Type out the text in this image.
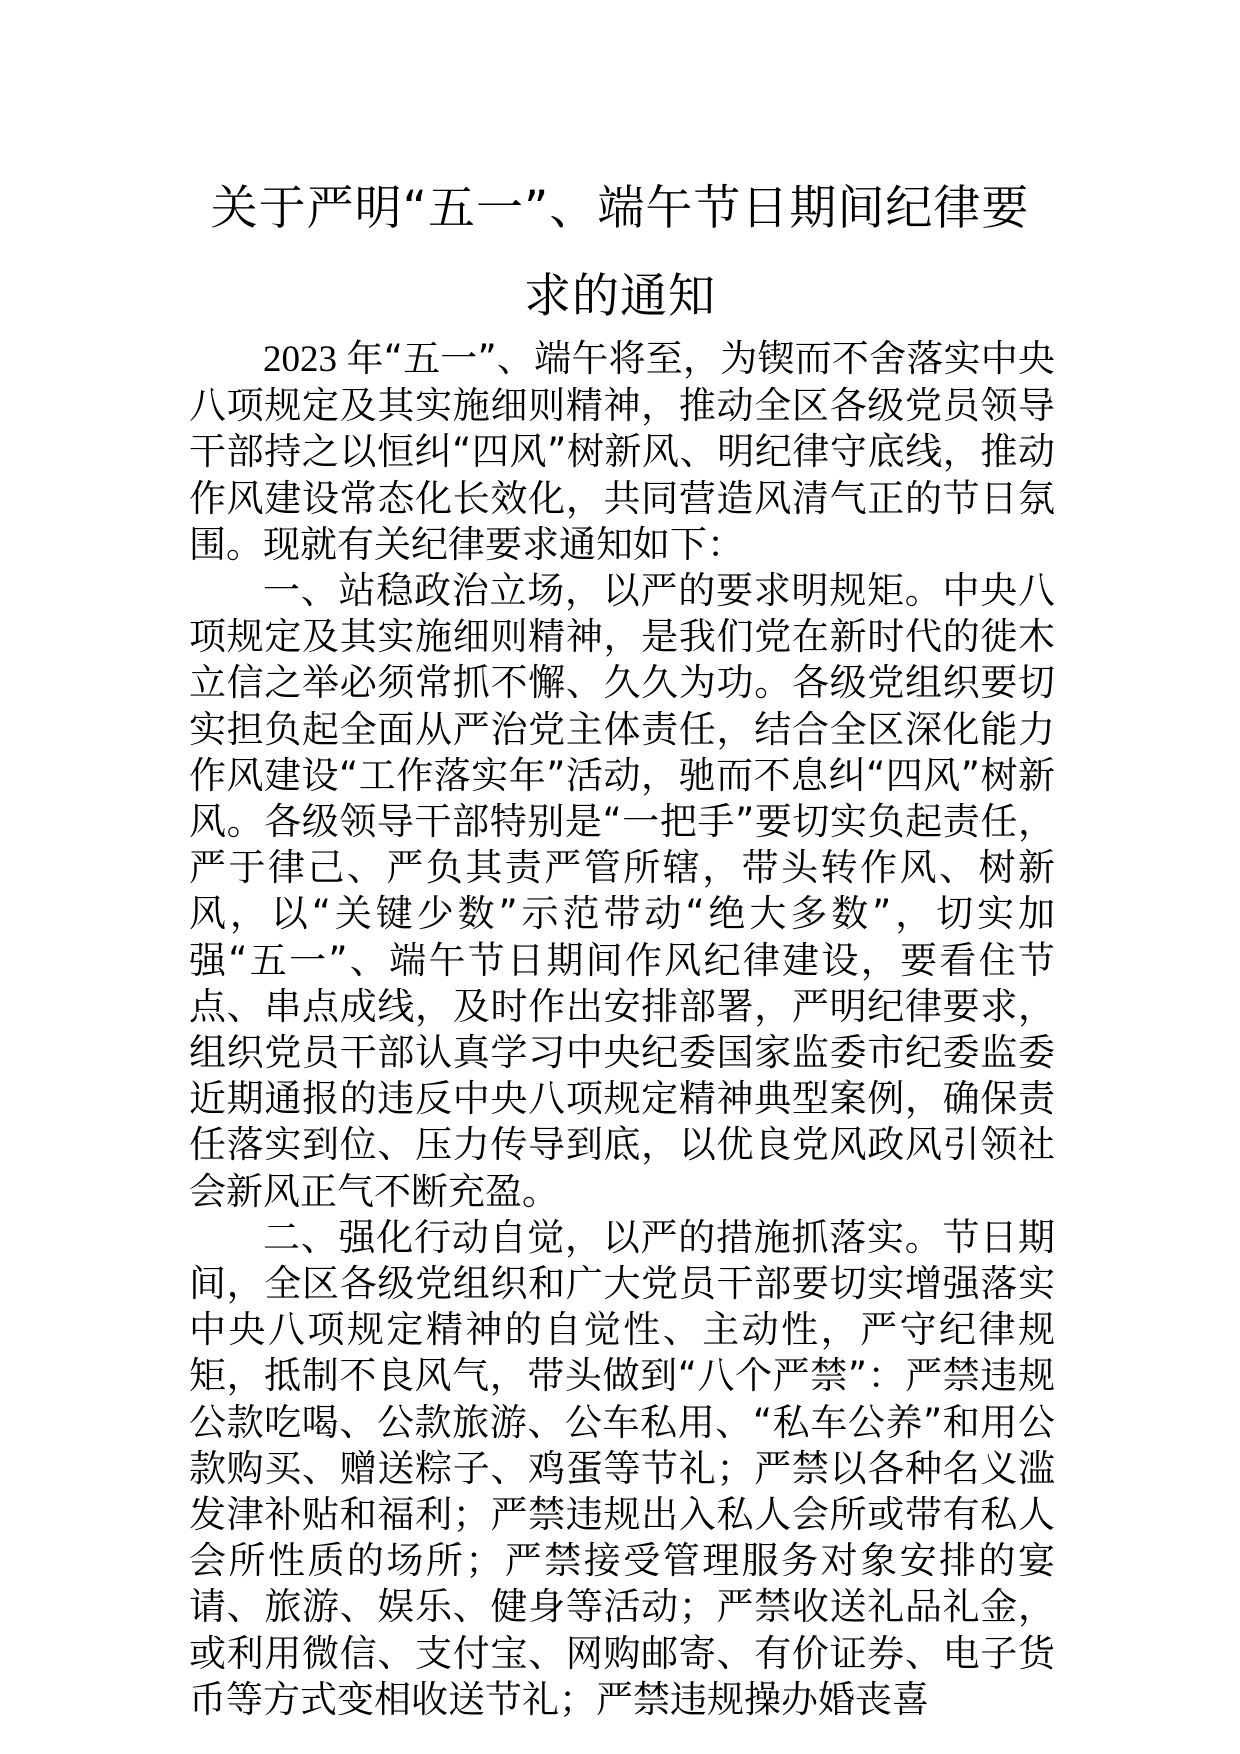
关于严明“五一”、端午节日期间纪律要
求的通知

2023 年“五一”、端午将至，为锲而不舍落实中央八项规定及其实施细则精神，推动全区各级党员领导干部持之以恒纠“四风”树新风、明纪律守底线，推动作风建设常态化长效化，共同营造风清气正的节日氛围。现就有关纪律要求通知如下：

一、站稳政治立场，以严的要求明规矩。中央八项规定及其实施细则精神，是我们党在新时代的徙木立信之举必须常抓不懈、久久为功。各级党组织要切实担负起全面从严治党主体责任，结合全区深化能力作风建设“工作落实年”活动，驰而不息纠“四风”树新风。各级领导干部特别是“一把手”要切实负起责任，严于律己、严负其责严管所辖，带头转作风、树新风，以“关键少数”示范带动“绝大多数”，切实加强“五一”、端午节日期间作风纪律建设，要看住节点、串点成线，及时作出安排部署，严明纪律要求，组织党员干部认真学习中央纪委国家监委市纪委监委近期通报的违反中央八项规定精神典型案例，确保责任落实到位、压力传导到底，以优良党风政风引领社会新风正气不断充盈。

二、强化行动自觉，以严的措施抓落实。节日期间，全区各级党组织和广大党员干部要切实增强落实中央八项规定精神的自觉性、主动性，严守纪律规矩，抵制不良风气，带头做到“八个严禁”：严禁违规公款吃喝、公款旅游、公车私用、“私车公养”和用公款购买、赠送粽子、鸡蛋等节礼；严禁以各种名义滥发津补贴和福利；严禁违规出入私人会所或带有私人会所性质的场所；严禁接受管理服务对象安排的宴请、旅游、娱乐、健身等活动；严禁收送礼品礼金，或利用微信、支付宝、网购邮寄、有价证券、电子货币等方式变相收送节礼；严禁违规操办婚丧喜
